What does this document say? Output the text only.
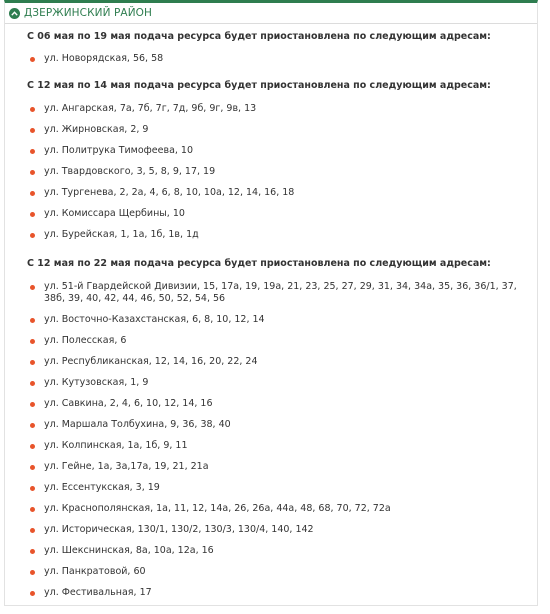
ДЗЕРЖИНСКИЙ РАЙОН

С 06 мая по 19 мая подача ресурса будет приостановлена по следующим адресам:

ул. Новорядская, 56, 58

С 12 мая по 14 мая подача ресурса будет приостановлена по следующим адресам:

ул. Ангарская, 7а, 7б, 7г, 7д, 9б, 9г, 9в, 13
ул. Жирновская, 2, 9
ул. Политрука Тимофеева, 10
ул. Твардовского, 3, 5, 8, 9, 17, 19
ул. Тургенева, 2, 2а, 4, 6, 8, 10, 10а, 12, 14, 16, 18
ул. Комиссара Щербины, 10
ул. Бурейская, 1, 1а, 1б, 1в, 1д

С 12 мая по 22 мая подача ресурса будет приостановлена по следующим адресам:

ул. 51-й Гвардейской Дивизии, 15, 17а, 19, 19а, 21, 23, 25, 27, 29, 31, 34, 34а, 35, 36, 36/1, 37, 38б, 39, 40, 42, 44, 46, 50, 52, 54, 56
ул. Восточно-Казахстанская, 6, 8, 10, 12, 14
ул. Полесская, 6
ул. Республиканская, 12, 14, 16, 20, 22, 24
ул. Кутузовская, 1, 9
ул. Савкина, 2, 4, 6, 10, 12, 14, 16
ул. Маршала Толбухина, 9, 36, 38, 40
ул. Колпинская, 1а, 1б, 9, 11
ул. Гейне, 1а, 3а,17а, 19, 21, 21а
ул. Ессентукская, 3, 19
ул. Краснополянская, 1а, 11, 12, 14а, 26, 26а, 44а, 48, 68, 70, 72, 72а
ул. Историческая, 130/1, 130/2, 130/3, 130/4, 140, 142
ул. Шекснинская, 8а, 10а, 12а, 16
ул. Панкратовой, 60
ул. Фестивальная, 17
